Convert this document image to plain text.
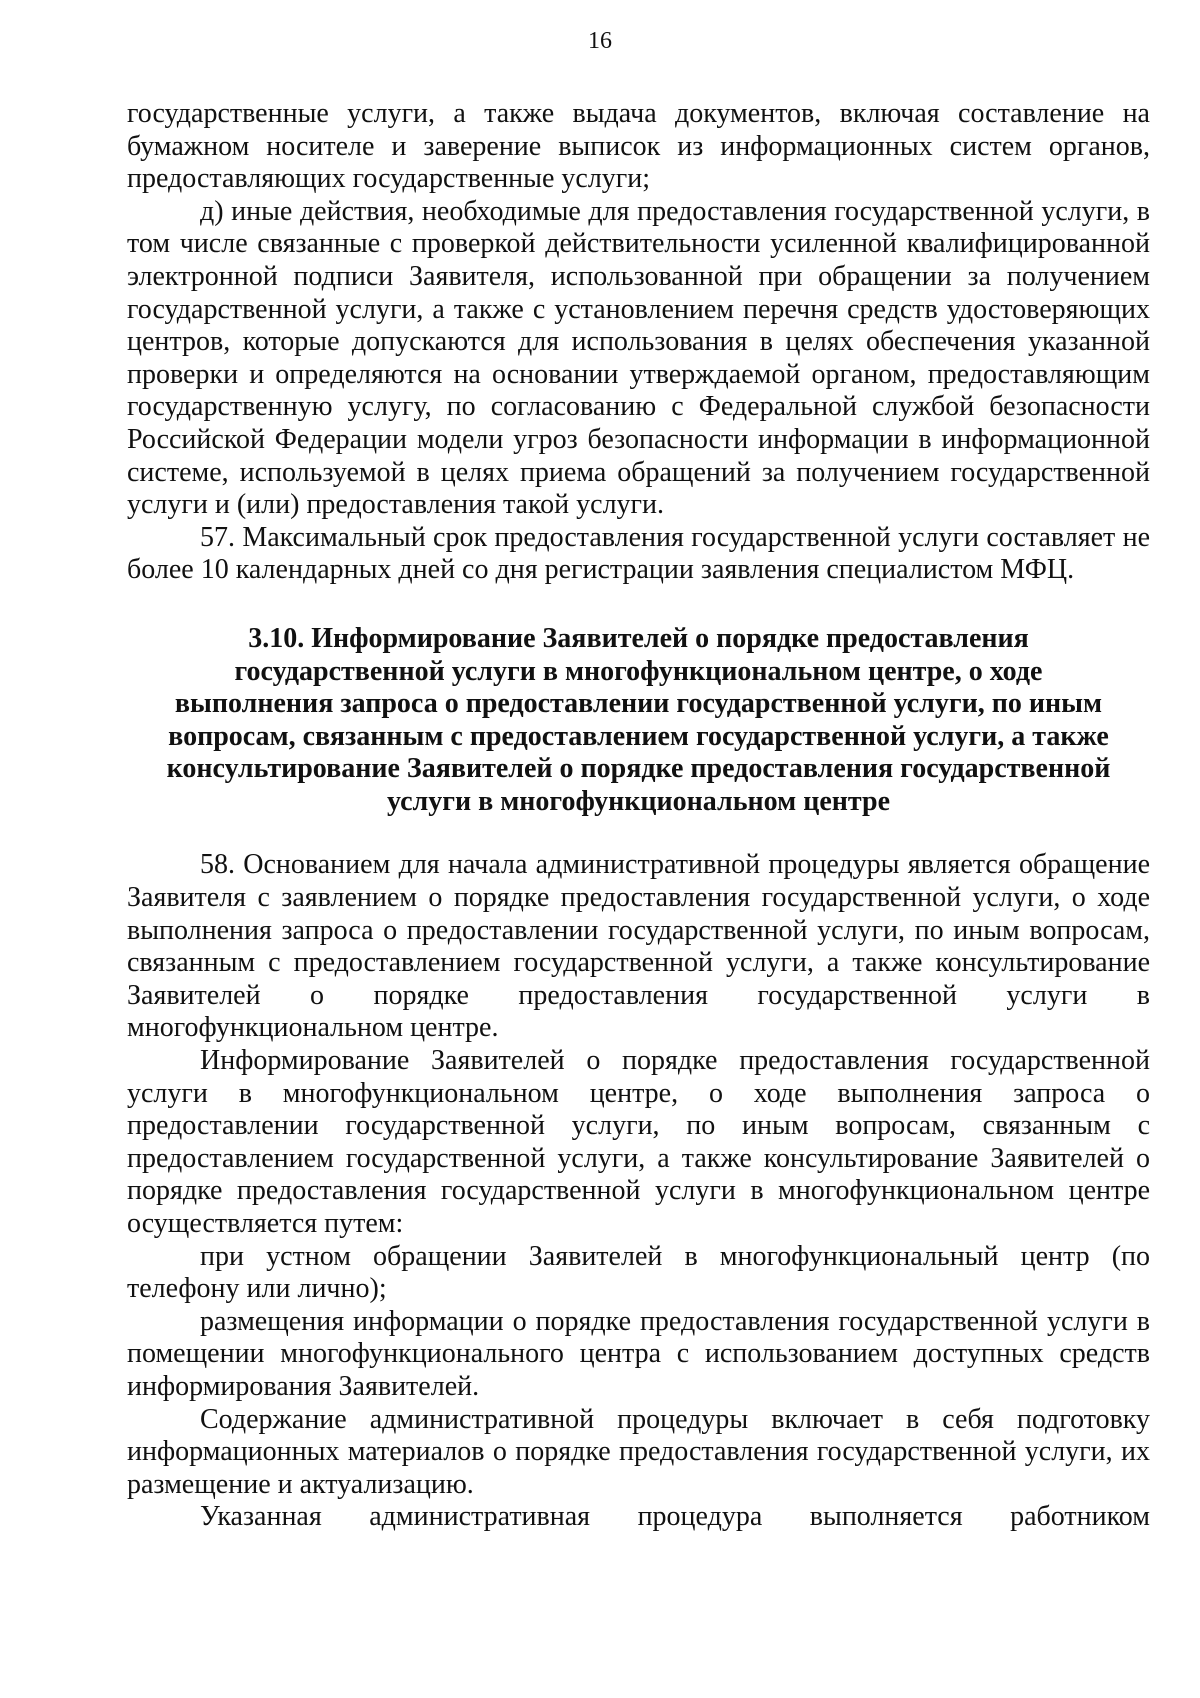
16

государственные услуги, а также выдача документов, включая составление на бумажном носителе и заверение выписок из информационных систем органов, предоставляющих государственные услуги;

д) иные действия, необходимые для предоставления государственной услуги, в том числе связанные с проверкой действительности усиленной квалифицированной электронной подписи Заявителя, использованной при обращении за получением государственной услуги, а также с установлением перечня средств удостоверяющих центров, которые допускаются для использования в целях обеспечения указанной проверки и определяются на основании утверждаемой органом, предоставляющим государственную услугу, по согласованию с Федеральной службой безопасности Российской Федерации модели угроз безопасности информации в информационной системе, используемой в целях приема обращений за получением государственной услуги и (или) предоставления такой услуги.

57. Максимальный срок предоставления государственной услуги составляет не более 10 календарных дней со дня регистрации заявления специалистом МФЦ.

3.10. Информирование Заявителей о порядке предоставления
государственной услуги в многофункциональном центре, о ходе
выполнения запроса о предоставлении государственной услуги, по иным
вопросам, связанным с предоставлением государственной услуги, а также
консультирование Заявителей о порядке предоставления государственной
услуги в многофункциональном центре

58. Основанием для начала административной процедуры является обращение Заявителя с заявлением о порядке предоставления государственной услуги, о ходе выполнения запроса о предоставлении государственной услуги, по иным вопросам, связанным с предоставлением государственной услуги, а также консультирование Заявителей о порядке предоставления государственной услуги в многофункциональном центре.

Информирование Заявителей о порядке предоставления государственной услуги в многофункциональном центре, о ходе выполнения запроса о предоставлении государственной услуги, по иным вопросам, связанным с предоставлением государственной услуги, а также консультирование Заявителей о порядке предоставления государственной услуги в многофункциональном центре осуществляется путем:

при устном обращении Заявителей в многофункциональный центр (по телефону или лично);

размещения информации о порядке предоставления государственной услуги в помещении многофункционального центра с использованием доступных средств информирования Заявителей.

Содержание административной процедуры включает в себя подготовку информационных материалов о порядке предоставления государственной услуги, их размещение и актуализацию.

Указанная административная процедура выполняется работником
